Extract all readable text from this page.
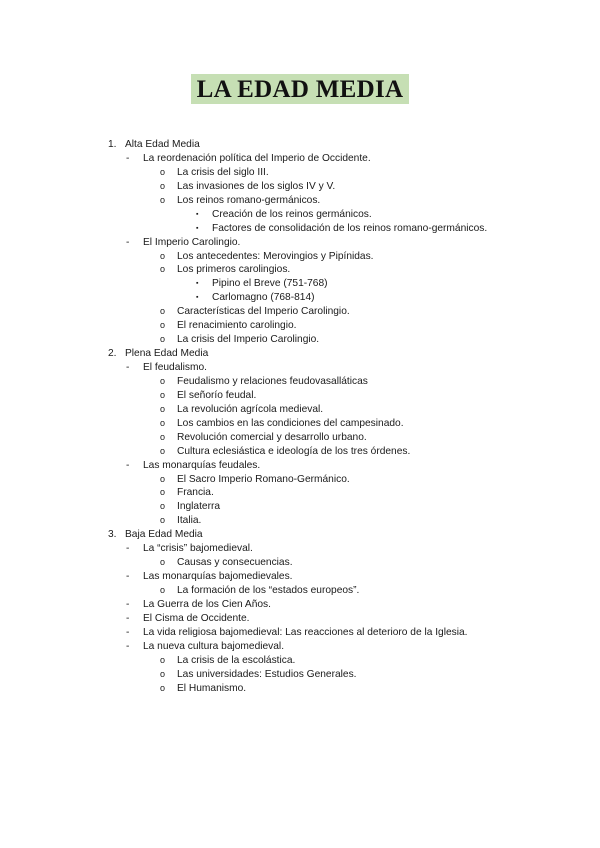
LA EDAD MEDIA
1. Alta Edad Media
- La reordenación política del Imperio de Occidente.
o La crisis del siglo III.
o Las invasiones de los siglos IV y V.
o Los reinos romano-germánicos.
▪ Creación de los reinos germánicos.
▪ Factores de consolidación de los reinos romano-germánicos.
- El Imperio Carolingio.
o Los antecedentes: Merovingios y Pipínidas.
o Los primeros carolingios.
▪ Pipino el Breve (751-768)
▪ Carlomagno (768-814)
o Características del Imperio Carolingio.
o El renacimiento carolingio.
o La crisis del Imperio Carolingio.
2. Plena Edad Media
- El feudalismo.
o Feudalismo y relaciones feudovasalláticas
o El señorío feudal.
o La revolución agrícola medieval.
o Los cambios en las condiciones del campesinado.
o Revolución comercial y desarrollo urbano.
o Cultura eclesiástica e ideología de los tres órdenes.
- Las monarquías feudales.
o El Sacro Imperio Romano-Germánico.
o Francia.
o Inglaterra
o Italia.
3. Baja Edad Media
- La “crisis” bajomedieval.
o Causas y consecuencias.
- Las monarquías bajomedievales.
o La formación de los “estados europeos”.
- La Guerra de los Cien Años.
- El Cisma de Occidente.
- La vida religiosa bajomedieval: Las reacciones al deterioro de la Iglesia.
- La nueva cultura bajomedieval.
o La crisis de la escolástica.
o Las universidades: Estudios Generales.
o El Humanismo.
